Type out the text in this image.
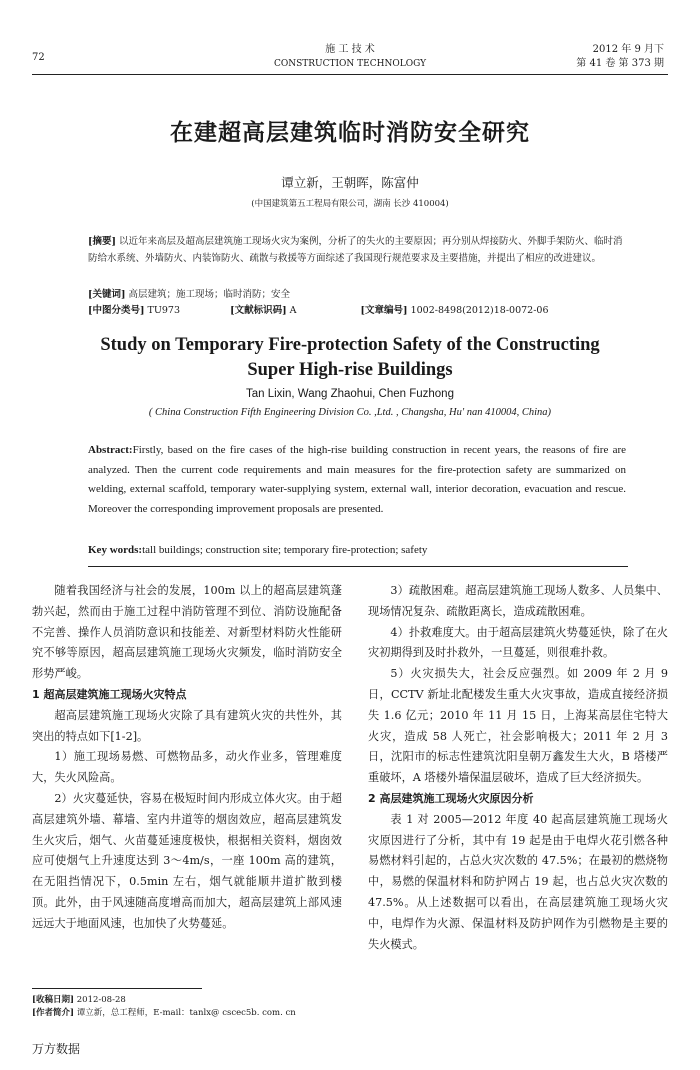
72
施 工 技 术
CONSTRUCTION TECHNOLOGY
2012 年 9 月下
第 41 卷 第 373 期
在建超高层建筑临时消防安全研究
谭立新，王朝晖，陈富仲
(中国建筑第五工程局有限公司，湖南 长沙 410004)
[摘要] 以近年来高层及超高层建筑施工现场火灾为案例，分析了的失火的主要原因；再分别从焊接防火、外脚手架防火、临时消防给水系统、外墙防火、内装饰防火、疏散与救援等方面综述了我国现行规范要求及主要措施，并提出了相应的改进建议。
[关键词] 高层建筑；施工现场；临时消防；安全
[中图分类号] TU973	[文献标识码] A	[文章编号] 1002-8498(2012)18-0072-06
Study on Temporary Fire-protection Safety of the Constructing
Super High-rise Buildings
Tan Lixin, Wang Zhaohui, Chen Fuzhong
( China Construction Fifth Engineering Division Co. ,Ltd. , Changsha, Hu' nan 410004, China)
Abstract:Firstly, based on the fire cases of the high-rise building construction in recent years, the reasons of fire are analyzed. Then the current code requirements and main measures for the fire-protection safety are summarized on welding, external scaffold, temporary water-supplying system, external wall, interior decoration, evacuation and rescue. Moreover the corresponding improvement proposals are presented.
Key words:tall buildings; construction site; temporary fire-protection; safety

随着我国经济与社会的发展，100m 以上的超高层建筑蓬勃兴起，然而由于施工过程中消防管理不到位、消防设施配备不完善、操作人员消防意识和技能差、对新型材料防火性能研究不够等原因，超高层建筑施工现场火灾频发，临时消防安全形势严峻。

1 超高层建筑施工现场火灾特点

超高层建筑施工现场火灾除了具有建筑火灾的共性外，其突出的特点如下[1-2]。

1）施工现场易燃、可燃物品多，动火作业多，管理难度大，失火风险高。

2）火灾蔓延快，容易在极短时间内形成立体火灾。由于超高层建筑外墙、幕墙、室内井道等的烟囱效应，超高层建筑发生火灾后，烟气、火苗蔓延速度极快，根据相关资料，烟囱效应可使烟气上升速度达到 3～4m/s，一座 100m 高的建筑，在无阻挡情况下，0.5min 左右，烟气就能顺井道扩散到楼顶。此外，由于风速随高度增高而加大，超高层建筑上部风速远远大于地面风速，也加快了火势蔓延。

3）疏散困难。超高层建筑施工现场人数多、人员集中、现场情况复杂、疏散距离长，造成疏散困难。

4）扑救难度大。由于超高层建筑火势蔓延快，除了在火灾初期得到及时扑救外，一旦蔓延，则很难扑救。

5）火灾损失大，社会反应强烈。如 2009 年 2 月 9 日，CCTV 新址北配楼发生重大火灾事故，造成直接经济损失 1.6 亿元；2010 年 11 月 15 日，上海某高层住宅特大火灾，造成 58 人死亡，社会影响极大；2011 年 2 月 3 日，沈阳市的标志性建筑沈阳皇朝万鑫发生大火，B 塔楼严重破坏，A 塔楼外墙保温层破坏，造成了巨大经济损失。

2 高层建筑施工现场火灾原因分析

表 1 对 2005—2012 年度 40 起高层建筑施工现场火灾原因进行了分析，其中有 19 起是由于电焊火花引燃各种易燃材料引起的，占总火灾次数的 47.5%；在最初的燃烧物中，易燃的保温材料和防护网占 19 起，也占总火灾次数的 47.5%。从上述数据可以看出，在高层建筑施工现场火灾中，电焊作为火源、保温材料及防护网作为引燃物是主要的失火模式。

[收稿日期] 2012-08-28
[作者简介] 谭立新，总工程师，E-mail：tanlx@ cscec5b. com. cn
万方数据
